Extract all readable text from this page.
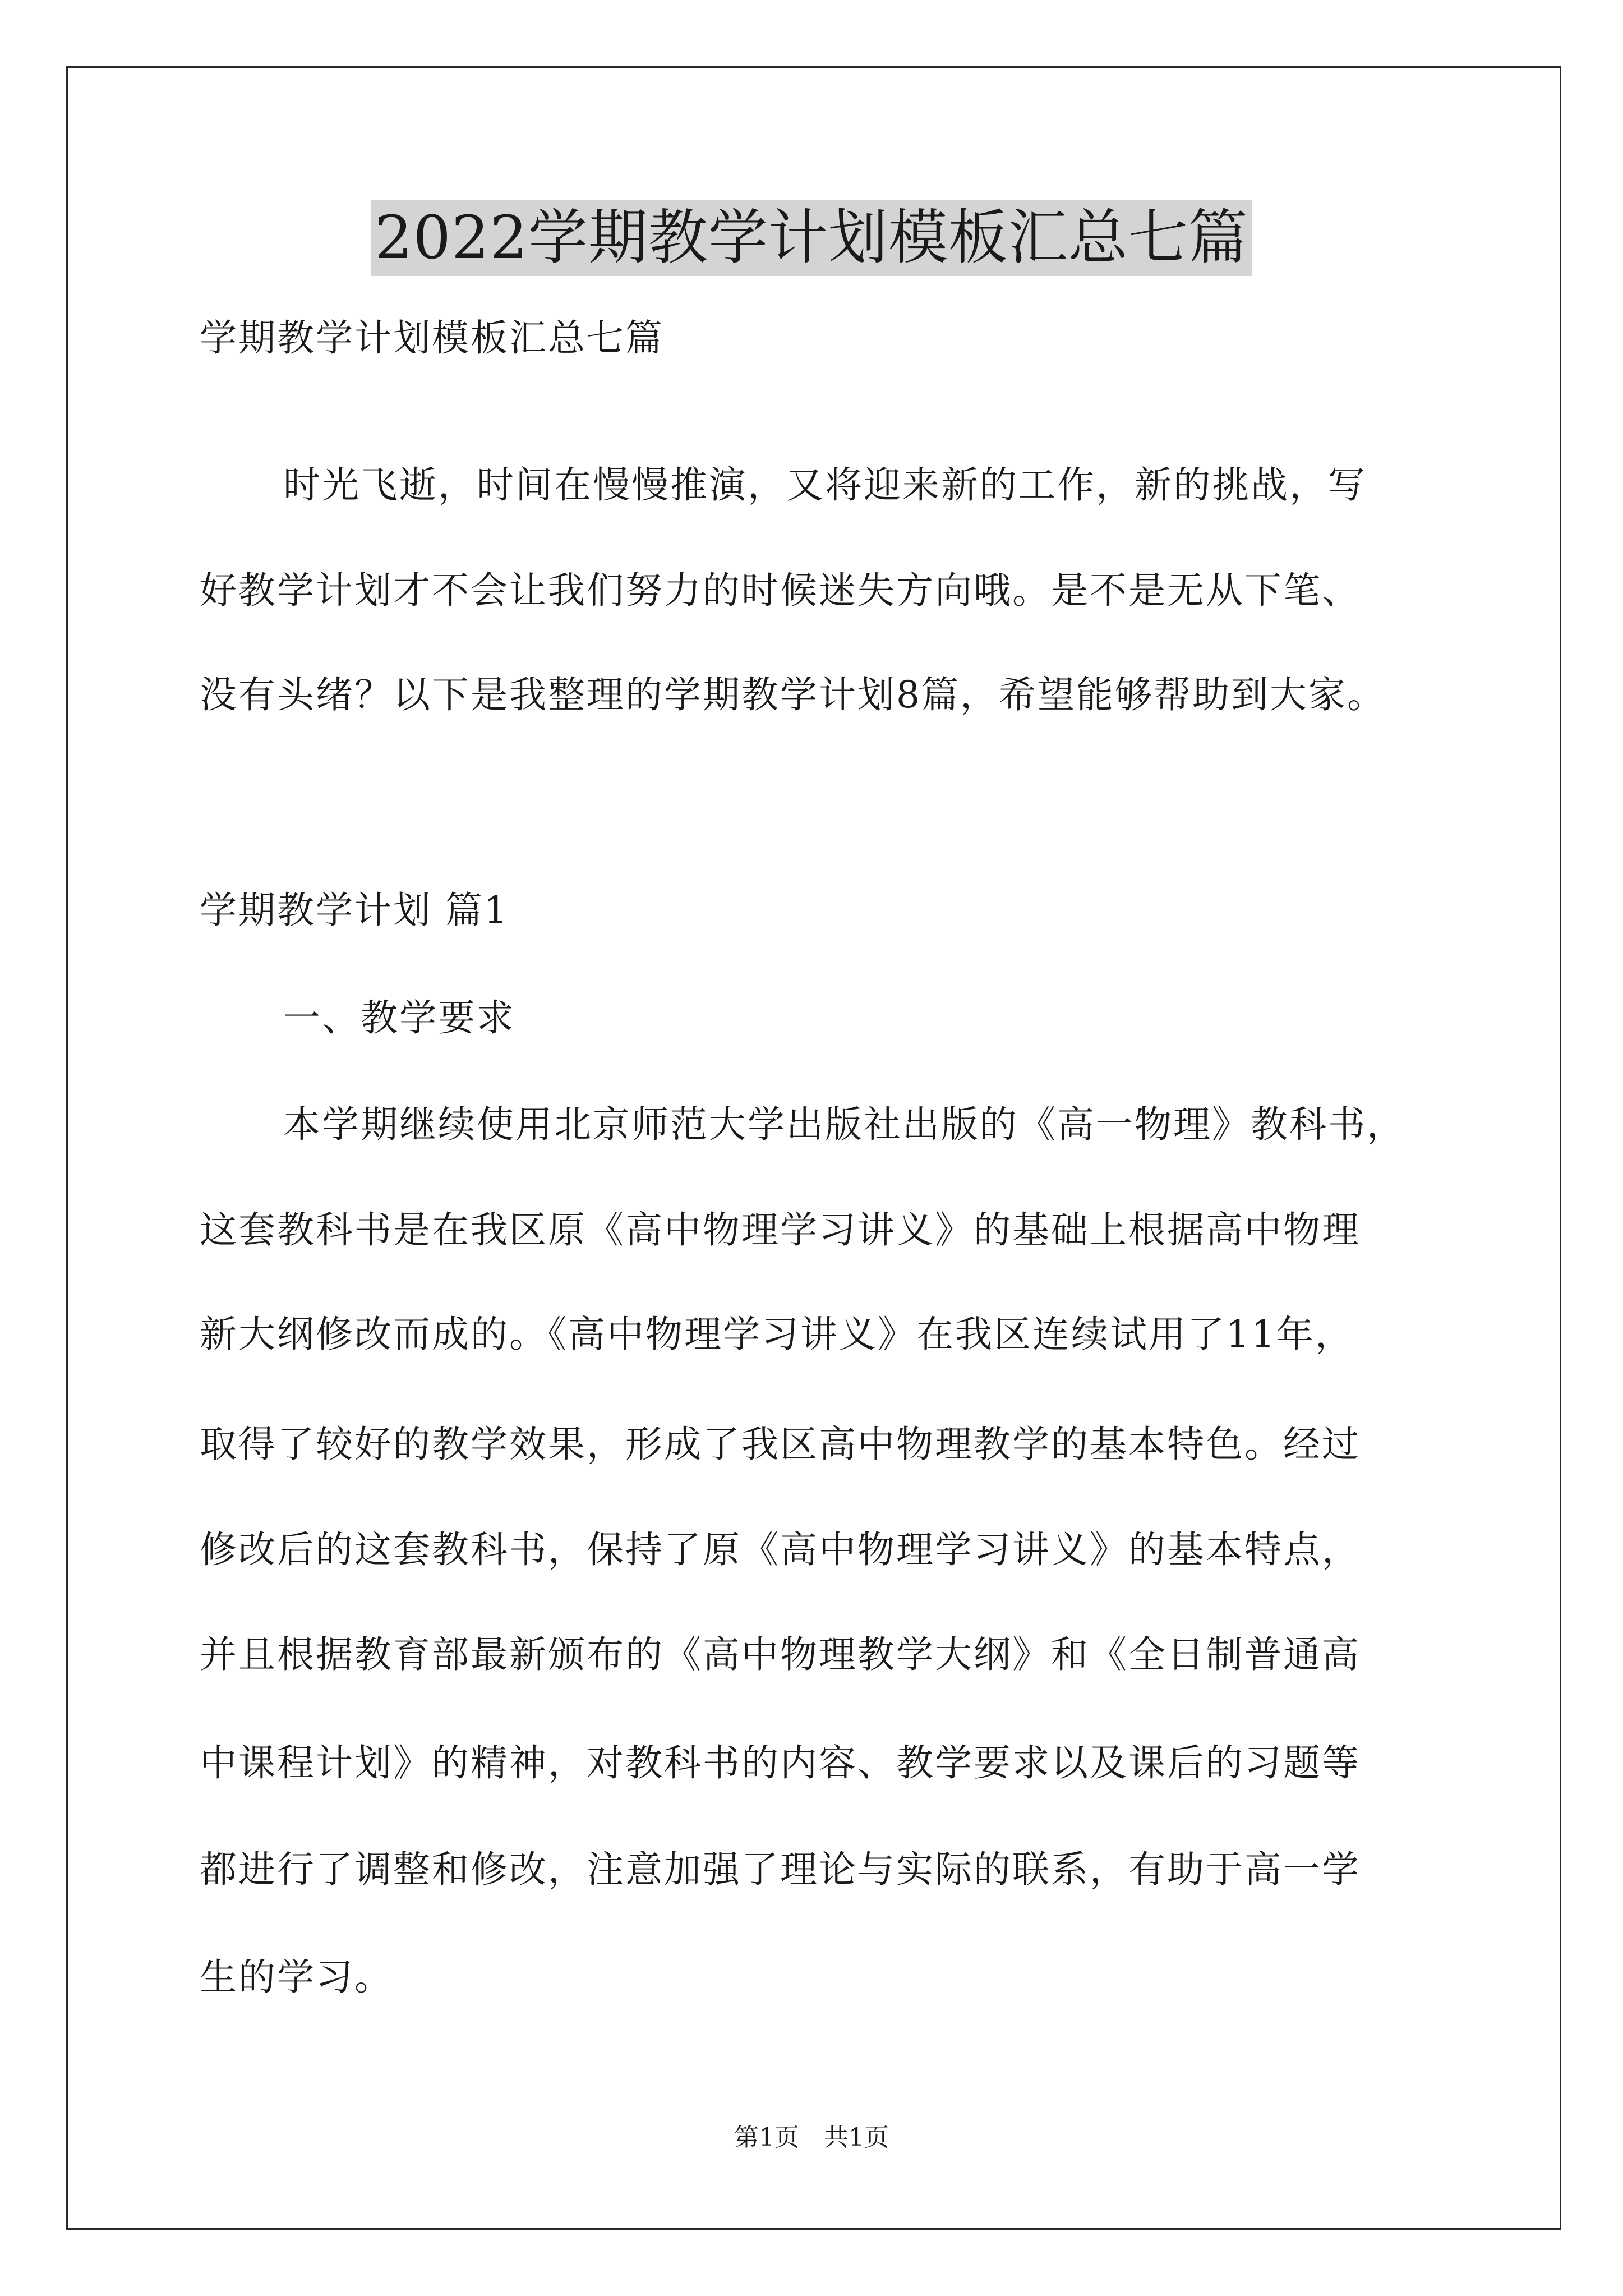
2022学期教学计划模板汇总七篇

学期教学计划模板汇总七篇

时光飞逝，时间在慢慢推演，又将迎来新的工作，新的挑战，写

好教学计划才不会让我们努力的时候迷失方向哦。是不是无从下笔、

没有头绪？以下是我整理的学期教学计划8篇，希望能够帮助到大家。

学期教学计划 篇1

一、教学要求

本学期继续使用北京师范大学出版社出版的《高一物理》教科书，

这套教科书是在我区原《高中物理学习讲义》的基础上根据高中物理

新大纲修改而成的。《高中物理学习讲义》在我区连续试用了11年，

取得了较好的教学效果，形成了我区高中物理教学的基本特色。经过

修改后的这套教科书，保持了原《高中物理学习讲义》的基本特点，

并且根据教育部最新颁布的《高中物理教学大纲》和《全日制普通高

中课程计划》的精神，对教科书的内容、教学要求以及课后的习题等

都进行了调整和修改，注意加强了理论与实际的联系，有助于高一学

生的学习。

第1页 共1页
